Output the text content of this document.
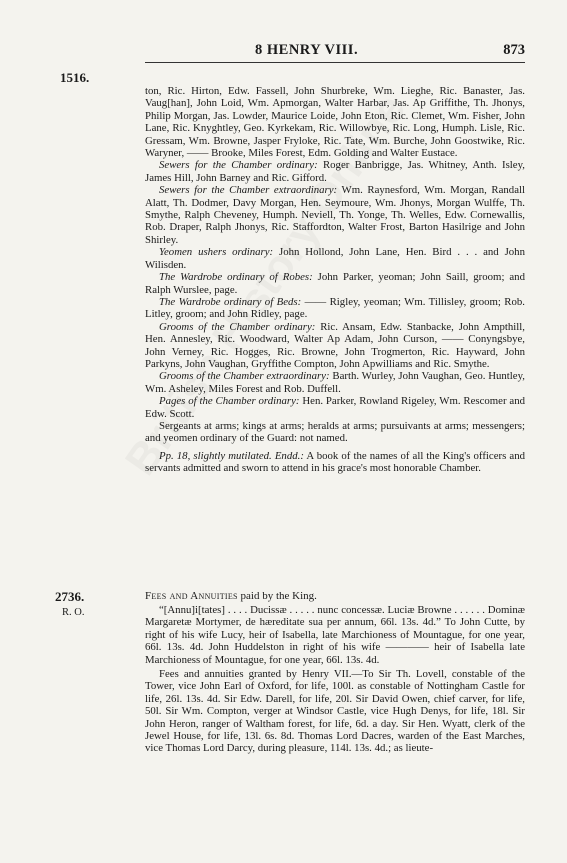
8 HENRY VIII.	873
1516.

ton, Ric. Hirton, Edw. Fassell, John Shurbreke, Wm. Lieghe, Ric. Banaster, Jas. Vaug[han], John Loid, Wm. Apmorgan, Walter Harbar, Jas. Ap Griffithe, Th. Jhonys, Philip Morgan, Jas. Lowder, Maurice Loide, John Eton, Ric. Clemet, Wm. Fisher, John Lane, Ric. Knyghtley, Geo. Kyrkekam, Ric. Willowbye, Ric. Long, Humph. Lisle, Ric. Gressam, Wm. Browne, Jasper Fryloke, Ric. Tate, Wm. Burche, John Goostwike, Ric. Waryner, —— Brooke, Miles Forest, Edm. Golding and Walter Eustace.

Sewers for the Chamber ordinary: Roger Banbrigge, Jas. Whitney, Anth. Isley, James Hill, John Barney and Ric. Gifford.

Sewers for the Chamber extraordinary: Wm. Raynesford, Wm. Morgan, Randall Alatt, Th. Dodmer, Davy Morgan, Hen. Seymoure, Wm. Jhonys, Morgan Wulffe, Th. Smythe, Ralph Cheveney, Humph. Neviell, Th. Yonge, Th. Welles, Edw. Cornewallis, Rob. Draper, Ralph Jhonys, Ric. Staffordton, Walter Frost, Barton Hasilrige and John Shirley.

Yeomen ushers ordinary: John Hollond, John Lane, Hen. Bird . . . and John Wilisden.

The Wardrobe ordinary of Robes: John Parker, yeoman; John Saill, groom; and Ralph Wurslee, page.

The Wardrobe ordinary of Beds: —— Rigley, yeoman; Wm. Tillisley, groom; Rob. Litley, groom; and John Ridley, page.

Grooms of the Chamber ordinary: Ric. Ansam, Edw. Stanbacke, John Ampthill, Hen. Annesley, Ric. Woodward, Walter Ap Adam, John Curson, —— Conyngsbye, John Verney, Ric. Hogges, Ric. Browne, John Trogmerton, Ric. Hayward, John Parkyns, John Vaughan, Gryffithe Compton, John Apwilliams and Ric. Smythe.

Grooms of the Chamber extraordinary: Barth. Wurley, John Vaughan, Geo. Huntley, Wm. Asheley, Miles Forest and Rob. Duffell.

Pages of the Chamber ordinary: Hen. Parker, Rowland Rigeley, Wm. Rescomer and Edw. Scott.

Sergeants at arms; kings at arms; heralds at arms; pursuivants at arms; messengers; and yeomen ordinary of the Guard: not named.

Pp. 18, slightly mutilated. Endd.: A book of the names of all the King's officers and servants admitted and sworn to attend in his grace's most honorable Chamber.

2736.
R. O.
Fees and Annuities paid by the King.

“[Annu]i[tates] . . . . Ducissæ . . . . . nunc concessæ. Luciæ Browne . . . . . . Dominæ Margaretæ Mortymer, de hæreditate sua per annum, 66l. 13s. 4d.” To John Cutte, by right of his wife Lucy, heir of Isabella, late Marchioness of Mountague, for one year, 66l. 13s. 4d. John Huddelston in right of his wife ———— heir of Isabella late Marchioness of Mountague, for one year, 66l. 13s. 4d.

Fees and annuities granted by Henry VII.—To Sir Th. Lovell, constable of the Tower, vice John Earl of Oxford, for life, 100l. as constable of Nottingham Castle for life, 26l. 13s. 4d. Sir Edw. Darell, for life, 20l. Sir David Owen, chief carver, for life, 50l. Sir Wm. Compton, verger at Windsor Castle, vice Hugh Denys, for life, 18l. Sir John Heron, ranger of Waltham forest, for life, 6d. a day. Sir Hen. Wyatt, clerk of the Jewel House, for life, 13l. 6s. 8d. Thomas Lord Dacres, warden of the East Marches, vice Thomas Lord Darcy, during pleasure, 114l. 13s. 4d.; as lieute-
